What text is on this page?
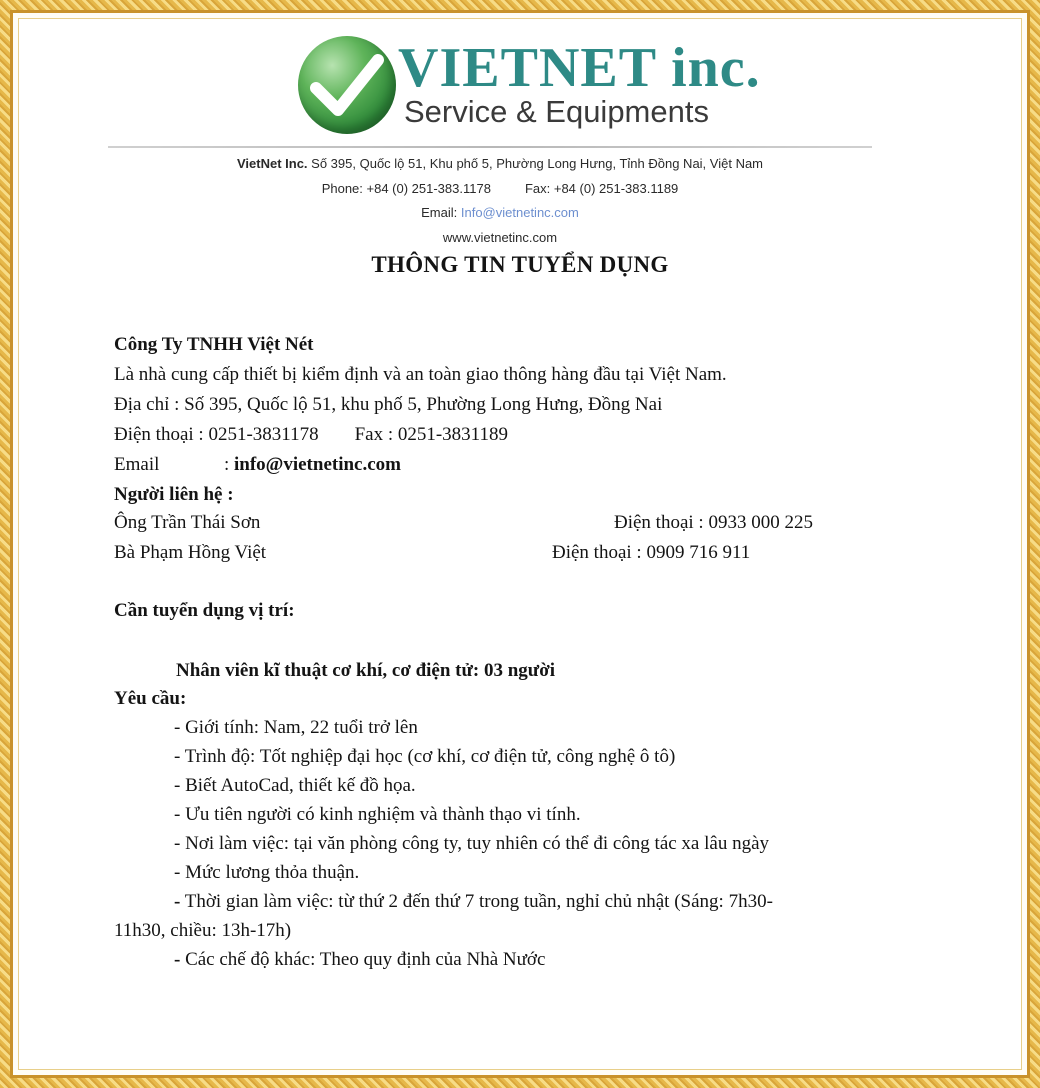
VIETNET inc.
Service & Equipments
VietNet Inc. Số 395, Quốc lộ 51, Khu phố 5, Phường Long Hưng, Tỉnh Đồng Nai, Việt Nam
Phone: +84 (0) 251-383.1178	Fax: +84 (0) 251-383.1189
Email: Info@vietnetinc.com
www.vietnetinc.com
THÔNG TIN TUYỂN DỤNG
Công Ty TNHH Việt Nét
Là nhà cung cấp thiết bị kiểm định và an toàn giao thông hàng đầu tại Việt Nam.
Địa chỉ : Số 395, Quốc lộ 51, khu phố 5, Phường Long Hưng, Đồng Nai
Điện thoại : 0251-3831178 Fax : 0251-3831189
Email	: info@vietnetinc.com
Người liên hệ :
Ông Trần Thái Sơn	Điện thoại : 0933 000 225
Bà Phạm Hồng Việt	Điện thoại : 0909 716 911
Cần tuyển dụng vị trí:
Nhân viên kĩ thuật cơ khí, cơ điện tử: 03 người
Yêu cầu:
- Giới tính: Nam, 22 tuổi trở lên
- Trình độ: Tốt nghiệp đại học (cơ khí, cơ điện tử, công nghệ ô tô)
- Biết AutoCad, thiết kế đồ họa.
- Ưu tiên người có kinh nghiệm và thành thạo vi tính.
- Nơi làm việc: tại văn phòng công ty, tuy nhiên có thể đi công tác xa lâu ngày
- Mức lương thỏa thuận.
- Thời gian làm việc: từ thứ 2 đến thứ 7 trong tuần, nghỉ chủ nhật (Sáng: 7h30-
11h30, chiều: 13h-17h)
- Các chế độ khác: Theo quy định của Nhà Nước
